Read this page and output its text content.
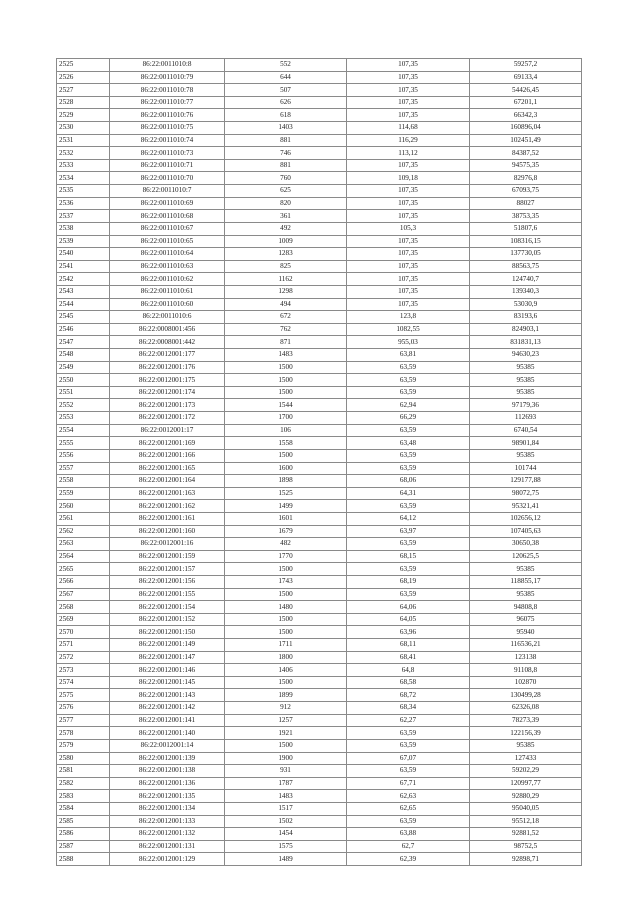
2525	86:22:0011010:8	552	107,35	59257,2
2526	86:22:0011010:79	644	107,35	69133,4
2527	86:22:0011010:78	507	107,35	54426,45
2528	86:22:0011010:77	626	107,35	67201,1
2529	86:22:0011010:76	618	107,35	66342,3
2530	86:22:0011010:75	1403	114,68	160896,04
2531	86:22:0011010:74	881	116,29	102451,49
2532	86:22:0011010:73	746	113,12	84387,52
2533	86:22:0011010:71	881	107,35	94575,35
2534	86:22:0011010:70	760	109,18	82976,8
2535	86:22:0011010:7	625	107,35	67093,75
2536	86:22:0011010:69	820	107,35	88027
2537	86:22:0011010:68	361	107,35	38753,35
2538	86:22:0011010:67	492	105,3	51807,6
2539	86:22:0011010:65	1009	107,35	108316,15
2540	86:22:0011010:64	1283	107,35	137730,05
2541	86:22:0011010:63	825	107,35	88563,75
2542	86:22:0011010:62	1162	107,35	124740,7
2543	86:22:0011010:61	1298	107,35	139340,3
2544	86:22:0011010:60	494	107,35	53030,9
2545	86:22:0011010:6	672	123,8	83193,6
2546	86:22:0008001:456	762	1082,55	824903,1
2547	86:22:0008001:442	871	955,03	831831,13
2548	86:22:0012001:177	1483	63,81	94630,23
2549	86:22:0012001:176	1500	63,59	95385
2550	86:22:0012001:175	1500	63,59	95385
2551	86:22:0012001:174	1500	63,59	95385
2552	86:22:0012001:173	1544	62,94	97179,36
2553	86:22:0012001:172	1700	66,29	112693
2554	86:22:0012001:17	106	63,59	6740,54
2555	86:22:0012001:169	1558	63,48	98901,84
2556	86:22:0012001:166	1500	63,59	95385
2557	86:22:0012001:165	1600	63,59	101744
2558	86:22:0012001:164	1898	68,06	129177,88
2559	86:22:0012001:163	1525	64,31	98072,75
2560	86:22:0012001:162	1499	63,59	95321,41
2561	86:22:0012001:161	1601	64,12	102656,12
2562	86:22:0012001:160	1679	63,97	107405,63
2563	86:22:0012001:16	482	63,59	30650,38
2564	86:22:0012001:159	1770	68,15	120625,5
2565	86:22:0012001:157	1500	63,59	95385
2566	86:22:0012001:156	1743	68,19	118855,17
2567	86:22:0012001:155	1500	63,59	95385
2568	86:22:0012001:154	1480	64,06	94808,8
2569	86:22:0012001:152	1500	64,05	96075
2570	86:22:0012001:150	1500	63,96	95940
2571	86:22:0012001:149	1711	68,11	116536,21
2572	86:22:0012001:147	1800	68,41	123138
2573	86:22:0012001:146	1406	64,8	91108,8
2574	86:22:0012001:145	1500	68,58	102870
2575	86:22:0012001:143	1899	68,72	130499,28
2576	86:22:0012001:142	912	68,34	62326,08
2577	86:22:0012001:141	1257	62,27	78273,39
2578	86:22:0012001:140	1921	63,59	122156,39
2579	86:22:0012001:14	1500	63,59	95385
2580	86:22:0012001:139	1900	67,07	127433
2581	86:22:0012001:138	931	63,59	59202,29
2582	86:22:0012001:136	1787	67,71	120997,77
2583	86:22:0012001:135	1483	62,63	92880,29
2584	86:22:0012001:134	1517	62,65	95040,05
2585	86:22:0012001:133	1502	63,59	95512,18
2586	86:22:0012001:132	1454	63,88	92881,52
2587	86:22:0012001:131	1575	62,7	98752,5
2588	86:22:0012001:129	1489	62,39	92898,71
